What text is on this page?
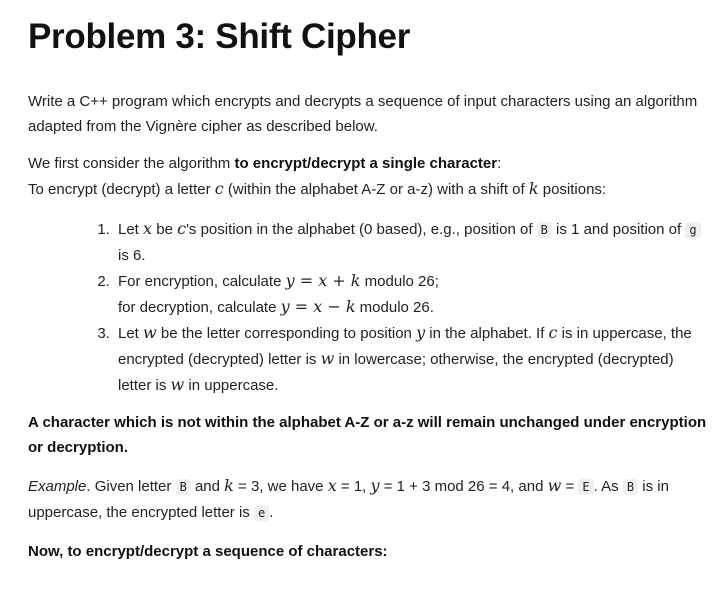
Problem 3: Shift Cipher

Write a C++ program which encrypts and decrypts a sequence of input characters using an algorithm adapted from the Vignère cipher as described below.

We first consider the algorithm to encrypt/decrypt a single character:
To encrypt (decrypt) a letter c (within the alphabet A-Z or a-z) with a shift of k positions:

1. Let x be c's position in the alphabet (0 based), e.g., position of B is 1 and position of g is 6.
2. For encryption, calculate y = x + k modulo 26;
for decryption, calculate y = x − k modulo 26.
3. Let w be the letter corresponding to position y in the alphabet. If c is in uppercase, the encrypted (decrypted) letter is w in lowercase; otherwise, the encrypted (decrypted) letter is w in uppercase.

A character which is not within the alphabet A-Z or a-z will remain unchanged under encryption or decryption.

Example. Given letter B and k = 3, we have x = 1, y = 1 + 3 mod 26 = 4, and w = E . As B is in uppercase, the encrypted letter is e .

Now, to encrypt/decrypt a sequence of characters:
